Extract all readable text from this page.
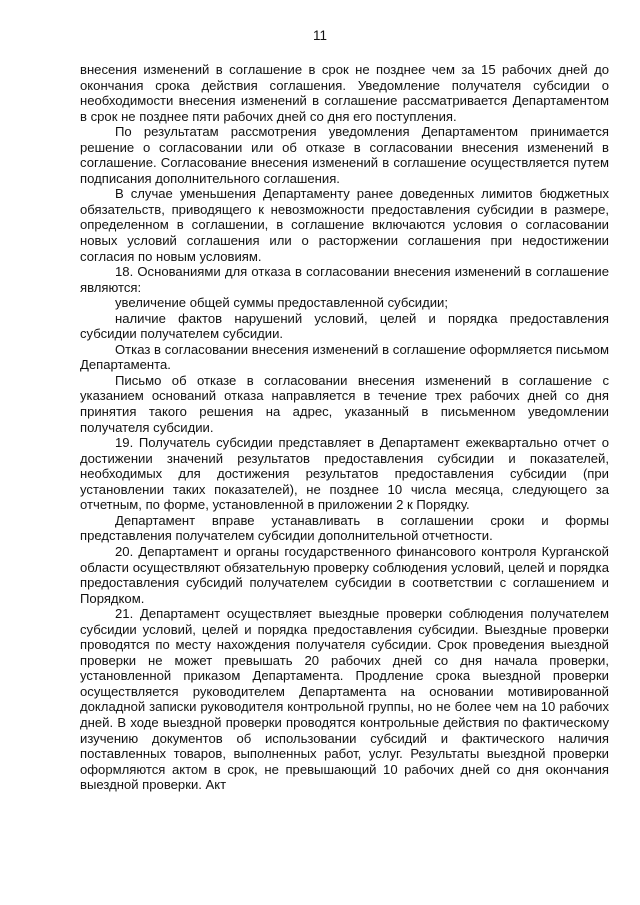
11

внесения изменений в соглашение в срок не позднее чем за 15 рабочих дней до окончания срока действия соглашения. Уведомление получателя субсидии о необходимости внесения изменений в соглашение рассматривается Департаментом в срок не позднее пяти рабочих дней со дня его поступления.

По результатам рассмотрения уведомления Департаментом принимается решение о согласовании или об отказе в согласовании внесения изменений в соглашение. Согласование внесения изменений в соглашение осуществляется путем подписания дополнительного соглашения.

В случае уменьшения Департаменту ранее доведенных лимитов бюджетных обязательств, приводящего к невозможности предоставления субсидии в размере, определенном в соглашении, в соглашение включаются условия о согласовании новых условий соглашения или о расторжении соглашения при недостижении согласия по новым условиям.

18. Основаниями для отказа в согласовании внесения изменений в соглашение являются:

увеличение общей суммы предоставленной субсидии;

наличие фактов нарушений условий, целей и порядка предоставления субсидии получателем субсидии.

Отказ в согласовании внесения изменений в соглашение оформляется письмом Департамента.

Письмо об отказе в согласовании внесения изменений в соглашение с указанием оснований отказа направляется в течение трех рабочих дней со дня принятия такого решения на адрес, указанный в письменном уведомлении получателя субсидии.

19. Получатель субсидии представляет в Департамент ежеквартально отчет о достижении значений результатов предоставления субсидии и показателей, необходимых для достижения результатов предоставления субсидии (при установлении таких показателей), не позднее 10 числа месяца, следующего за отчетным, по форме, установленной в приложении 2 к Порядку.

Департамент вправе устанавливать в соглашении сроки и формы представления получателем субсидии дополнительной отчетности.

20. Департамент и органы государственного финансового контроля Курганской области осуществляют обязательную проверку соблюдения условий, целей и порядка предоставления субсидий получателем субсидии в соответствии с соглашением и Порядком.

21. Департамент осуществляет выездные проверки соблюдения получателем субсидии условий, целей и порядка предоставления субсидии. Выездные проверки проводятся по месту нахождения получателя субсидии. Срок проведения выездной проверки не может превышать 20 рабочих дней со дня начала проверки, установленной приказом Департамента. Продление срока выездной проверки осуществляется руководителем Департамента на основании мотивированной докладной записки руководителя контрольной группы, но не более чем на 10 рабочих дней. В ходе выездной проверки проводятся контрольные действия по фактическому изучению документов об использовании субсидий и фактического наличия поставленных товаров, выполненных работ, услуг. Результаты выездной проверки оформляются актом в срок, не превышающий 10 рабочих дней со дня окончания выездной проверки. Акт
